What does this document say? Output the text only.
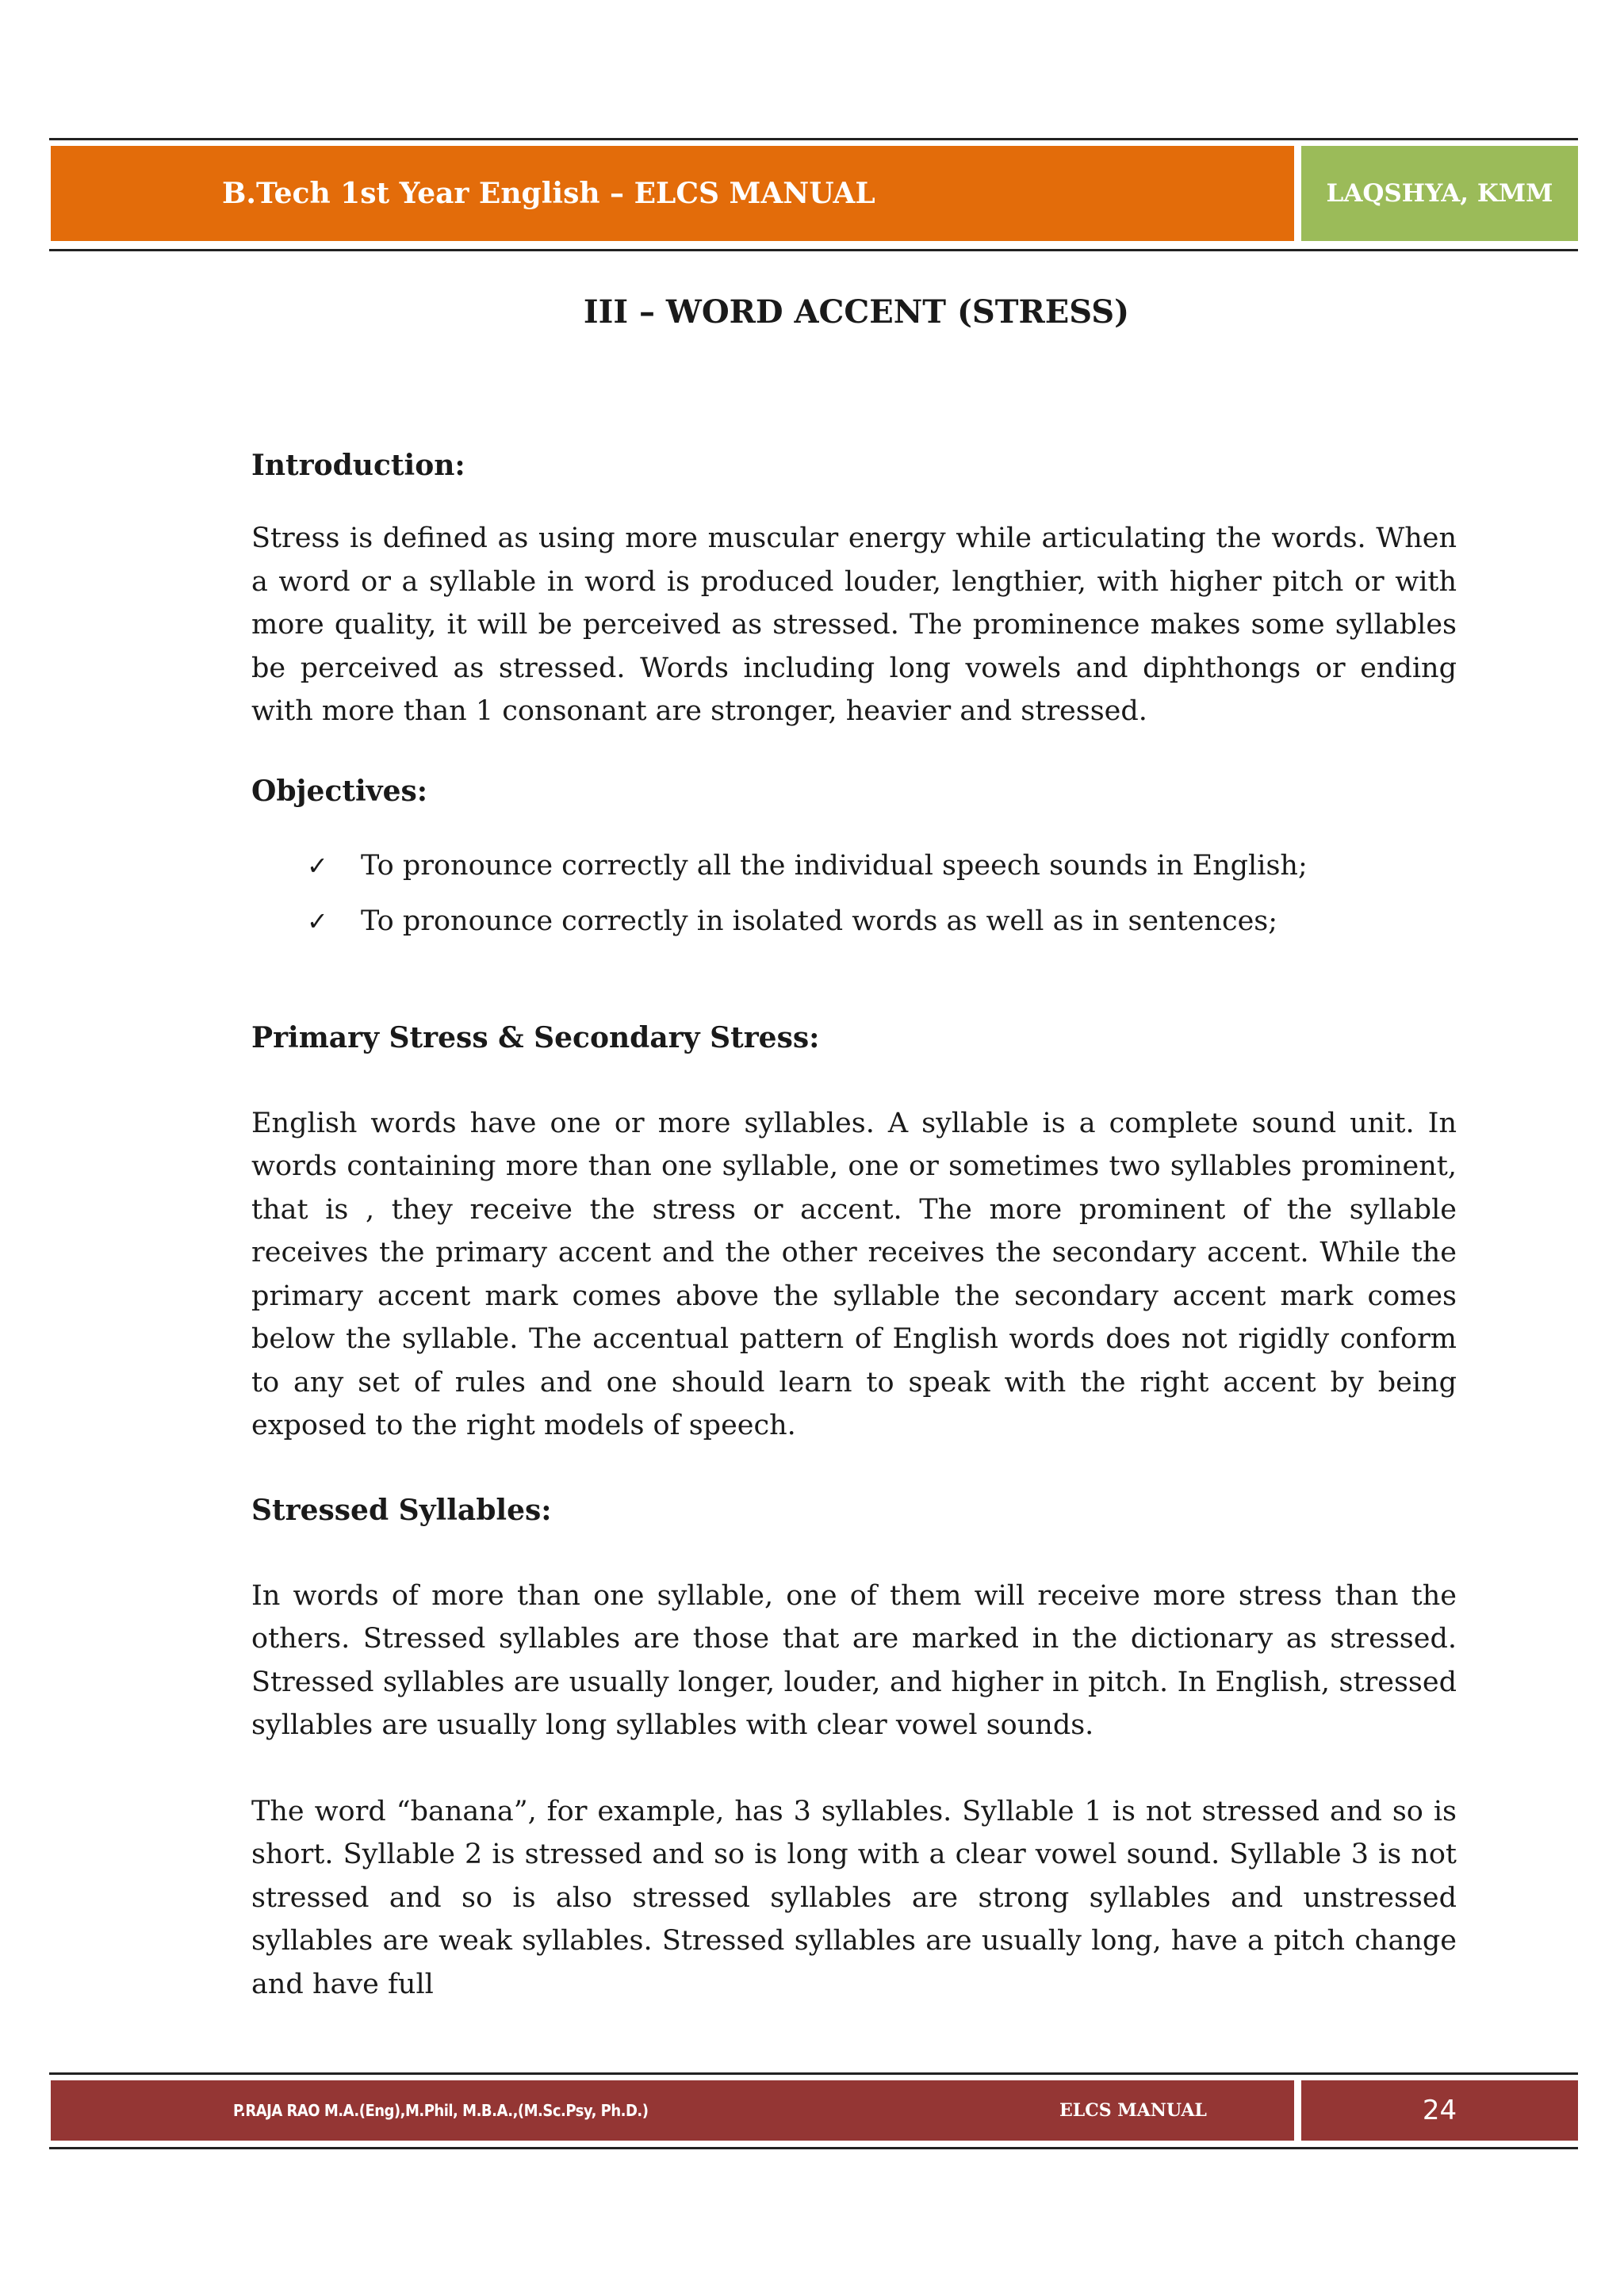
B.Tech 1st Year English – ELCS MANUAL	LAQSHYA, KMM
III – WORD ACCENT (STRESS)
Introduction:

Stress is defined as using more muscular energy while articulating the words. When a word or a syllable in word is produced louder, lengthier, with higher pitch or with more quality, it will be perceived as stressed. The prominence makes some syllables be perceived as stressed. Words including long vowels and diphthongs or ending with more than 1 consonant are stronger, heavier and stressed.

Objectives:
✓	To pronounce correctly all the individual speech sounds in English;
✓	To pronounce correctly in isolated words as well as in sentences;
Primary Stress & Secondary Stress:

English words have one or more syllables. A syllable is a complete sound unit. In words containing more than one syllable, one or sometimes two syllables prominent, that is , they receive the stress or accent. The more prominent of the syllable receives the primary accent and the other receives the secondary accent. While the primary accent mark comes above the syllable the secondary accent mark comes below the syllable. The accentual pattern of English words does not rigidly conform to any set of rules and one should learn to speak with the right accent by being exposed to the right models of speech.

Stressed Syllables:

In words of more than one syllable, one of them will receive more stress than the others. Stressed syllables are those that are marked in the dictionary as stressed. Stressed syllables are usually longer, louder, and higher in pitch. In English, stressed syllables are usually long syllables with clear vowel sounds.

The word “banana”, for example, has 3 syllables. Syllable 1 is not stressed and so is short. Syllable 2 is stressed and so is long with a clear vowel sound. Syllable 3 is not stressed and so is also stressed syllables are strong syllables and unstressed syllables are weak syllables. Stressed syllables are usually long, have a pitch change and have full

P.RAJA RAO M.A.(Eng),M.Phil, M.B.A.,(M.Sc.Psy, Ph.D.)	ELCS MANUAL	24
